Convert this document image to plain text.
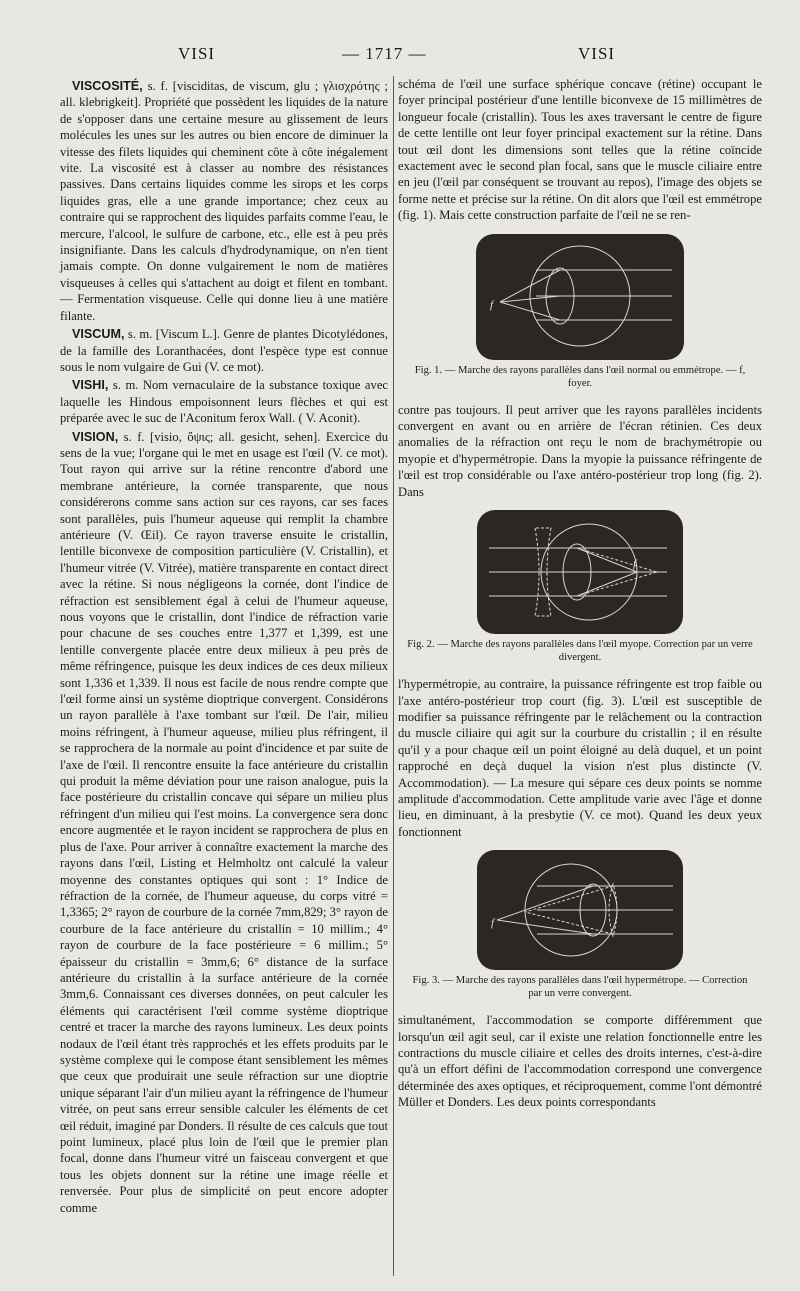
VISI	— 1717 —	VISI

VISCOSITÉ, s. f. [visciditas, de viscum, glu ; γλισχρότης ; all. klebrigkeit]. Propriété que possèdent les liquides de la nature de s'opposer dans une certaine mesure au glissement de leurs molécules les unes sur les autres ou bien encore de diminuer la vitesse des filets liquides qui cheminent côte à côte inégalement vite. La viscosité est à classer au nombre des résistances passives. Dans certains liquides comme les sirops et les corps liquides gras, elle a une grande importance; chez ceux au contraire qui se rapprochent des liquides parfaits comme l'eau, le mercure, l'alcool, le sulfure de carbone, etc., elle est à peu près insignifiante. Dans les calculs d'hydrodynamique, on n'en tient jamais compte. On donne vulgairement le nom de matières visqueuses à celles qui s'attachent au doigt et filent en tombant. — Fermentation visqueuse. Celle qui donne lieu à une matière filante.

VISCUM, s. m. [Viscum L.]. Genre de plantes Dicotylédones, de la famille des Loranthacées, dont l'espèce type est connue sous le nom vulgaire de Gui (V. ce mot).

VISHI, s. m. Nom vernaculaire de la substance toxique avec laquelle les Hindous empoisonnent leurs flèches et qui est préparée avec le suc de l'Aconitum ferox Wall. ( V. Aconit).

VISION, s. f. [visio, ὄψις; all. gesicht, sehen]. Exercice du sens de la vue; l'organe qui le met en usage est l'œil (V. ce mot). Tout rayon qui arrive sur la rétine rencontre d'abord une membrane antérieure, la cornée transparente, que nous considérerons comme sans action sur ces rayons, car ses faces sont parallèles, puis l'humeur aqueuse qui remplit la chambre antérieure (V. Œil). Ce rayon traverse ensuite le cristallin, lentille biconvexe de composition particulière (V. Cristallin), et l'humeur vitrée (V. Vitrée), matière transparente en contact direct avec la rétine. Si nous négligeons la cornée, dont l'indice de réfraction est sensiblement égal à celui de l'humeur aqueuse, nous voyons que le cristallin, dont l'indice de réfraction varie pour chacune de ses couches entre 1,377 et 1,399, est une lentille convergente placée entre deux milieux à peu près de même réfringence, puisque les deux indices de ces deux milieux sont 1,336 et 1,339. Il nous est facile de nous rendre compte que l'œil forme ainsi un système dioptrique convergent. Considérons un rayon parallèle à l'axe tombant sur l'œil. De l'air, milieu moins réfringent, à l'humeur aqueuse, milieu plus réfringent, il se rapprochera de la normale au point d'incidence et par suite de l'axe de l'œil. Il rencontre ensuite la face antérieure du cristallin qui produit la même déviation pour une raison analogue, puis la face postérieure du cristallin concave qui sépare un milieu plus réfringent d'un milieu qui l'est moins. La convergence sera donc encore augmentée et le rayon incident se rapprochera de plus en plus de l'axe. Pour arriver à connaître exactement la marche des rayons dans l'œil, Listing et Helmholtz ont calculé la valeur moyenne des constantes optiques qui sont : 1° Indice de réfraction de la cornée, de l'humeur aqueuse, du corps vitré = 1,3365; 2° rayon de courbure de la cornée 7mm,829; 3° rayon de courbure de la face antérieure du cristallin = 10 millim.; 4° rayon de courbure de la face postérieure = 6 millim.; 5° épaisseur du cristallin = 3mm,6; 6° distance de la surface antérieure du cristallin à la surface antérieure de la cornée 3mm,6. Connaissant ces diverses données, on peut calculer les éléments qui caractérisent l'œil comme système dioptrique centré et tracer la marche des rayons lumineux. Les deux points nodaux de l'œil étant très rapprochés et les effets produits par le système complexe qui le compose étant sensiblement les mêmes que ceux que produirait une seule réfraction sur une dioptrie unique séparant l'air d'un milieu ayant la réfringence de l'humeur vitrée, on peut sans erreur sensible calculer les éléments de cet œil réduit, imaginé par Donders. Il résulte de ces calculs que tout point lumineux, placé plus loin de l'œil que le premier plan focal, donne dans l'humeur vitré un faisceau convergent et que tous les objets donnent sur la rétine une image réelle et renversée. Pour plus de simplicité on peut encore adopter comme

schéma de l'œil une surface sphérique concave (rétine) occupant le foyer principal postérieur d'une lentille biconvexe de 15 millimètres de longueur focale (cristallin). Tous les axes traversant le centre de figure de cette lentille ont leur foyer principal exactement sur la rétine. Dans tout œil dont les dimensions sont telles que la rétine coïncide exactement avec le second plan focal, sans que le muscle ciliaire entre en jeu (l'œil par conséquent se trouvant au repos), l'image des objets se forme nette et précise sur la rétine. On dit alors que l'œil est emmétrope (fig. 1). Mais cette construction parfaite de l'œil ne se ren-

f

Fig. 1. — Marche des rayons parallèles dans l'œil normal ou emmétrope. — f, foyer.

contre pas toujours. Il peut arriver que les rayons parallèles incidents convergent en avant ou en arrière de l'écran rétinien. Ces deux anomalies de la réfraction ont reçu le nom de brachymétropie ou myopie et d'hypermétropie. Dans la myopie la puissance réfringente de l'œil est trop considérable ou l'axe antéro-postérieur trop long (fig. 2). Dans

f

Fig. 2. — Marche des rayons parallèles dans l'œil myope. Correction par un verre divergent.

l'hypermétropie, au contraire, la puissance réfringente est trop faible ou l'axe antéro-postérieur trop court (fig. 3). L'œil est susceptible de modifier sa puissance réfringente par le relâchement ou la contraction du muscle ciliaire qui agit sur la courbure du cristallin ; il en résulte qu'il y a pour chaque œil un point éloigné au delà duquel, et un point rapproché en deçà duquel la vision n'est plus distincte (V. Accommodation). — La mesure qui sépare ces deux points se nomme amplitude d'accommodation. Cette amplitude varie avec l'âge et donne lieu, en diminuant, à la presbytie (V. ce mot). Quand les deux yeux fonctionnent

f

Fig. 3. — Marche des rayons parallèles dans l'œil hypermétrope. — Correction par un verre convergent.

simultanément, l'accommodation se comporte différemment que lorsqu'un œil agit seul, car il existe une relation fonctionnelle entre les contractions du muscle ciliaire et celles des droits internes, c'est-à-dire qu'à un effort défini de l'accommodation correspond une convergence déterminée des axes optiques, et réciproquement, comme l'ont démontré Müller et Donders. Les deux points correspondants
